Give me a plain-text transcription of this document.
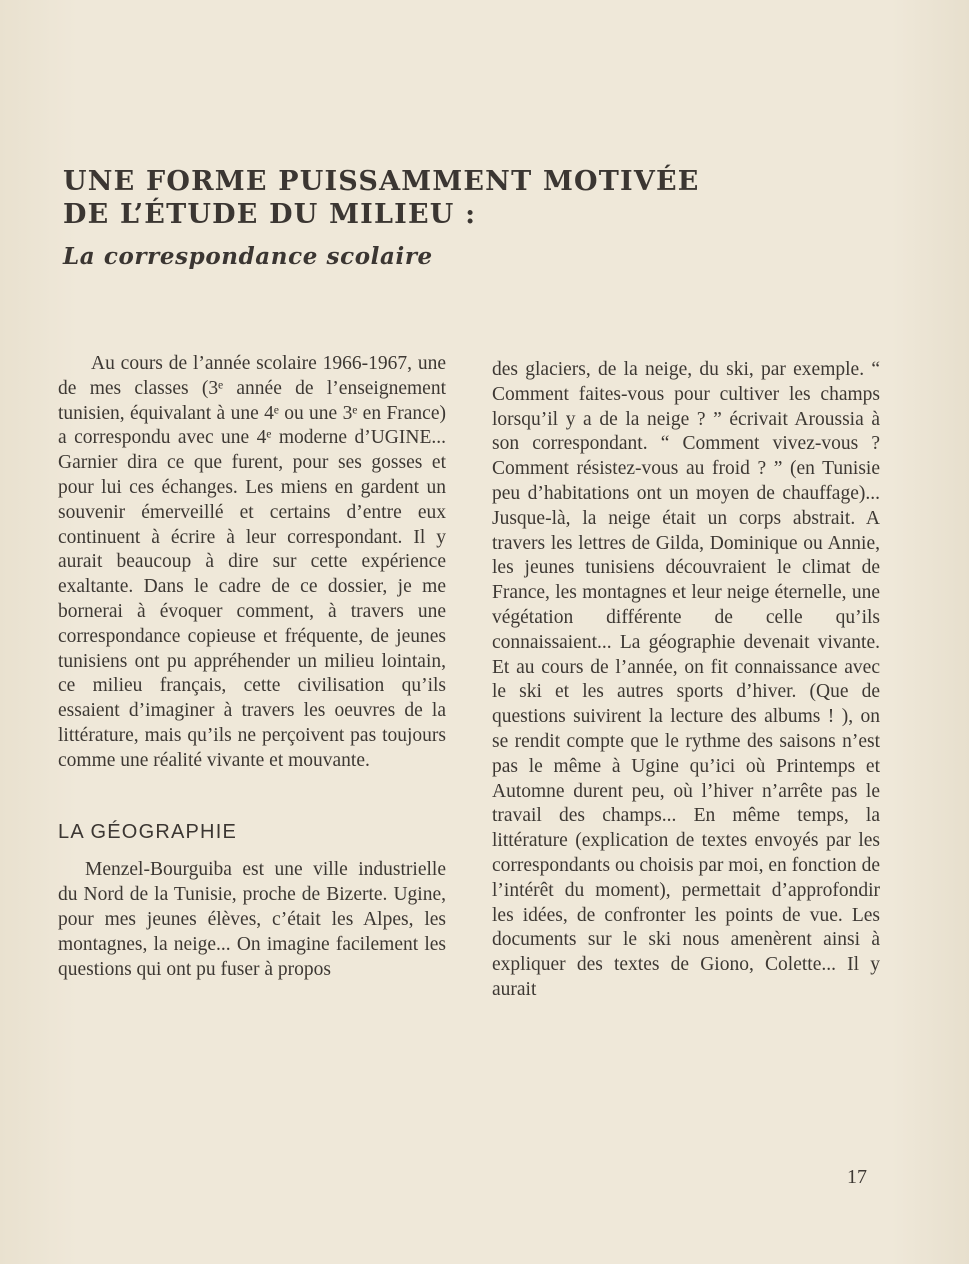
UNE FORME PUISSAMMENT MOTIVÉE
DE L’ÉTUDE DU MILIEU :
La correspondance scolaire

Au cours de l’année scolaire 1966-1967, une de mes classes (3ᵉ année de l’enseignement tunisien, équivalant à une 4ᵉ ou une 3ᵉ en France) a correspondu avec une 4ᵉ moderne d’UGINE... Garnier dira ce que furent, pour ses gosses et pour lui ces échanges. Les miens en gardent un souvenir émerveillé et certains d’entre eux continuent à écrire à leur correspondant. Il y aurait beaucoup à dire sur cette expérience exaltante. Dans le cadre de ce dossier, je me bornerai à évoquer comment, à travers une correspondance copieuse et fréquente, de jeunes tunisiens ont pu appréhender un milieu lointain, ce milieu français, cette civilisation qu’ils essaient d’imaginer à travers les oeuvres de la littérature, mais qu’ils ne perçoivent pas toujours comme une réalité vivante et mouvante.

LA GÉOGRAPHIE

Menzel-Bourguiba est une ville industrielle du Nord de la Tunisie, proche de Bizerte. Ugine, pour mes jeunes élèves, c’était les Alpes, les montagnes, la neige... On imagine facilement les questions qui ont pu fuser à propos

des glaciers, de la neige, du ski, par exemple. “ Comment faites-vous pour cultiver les champs lorsqu’il y a de la neige ? ” écrivait Aroussia à son correspondant. “ Comment vivez-vous ? Comment résistez-vous au froid ? ” (en Tunisie peu d’habitations ont un moyen de chauffage)... Jusque-là, la neige était un corps abstrait. A travers les lettres de Gilda, Dominique ou Annie, les jeunes tunisiens découvraient le climat de France, les montagnes et leur neige éternelle, une végétation différente de celle qu’ils connaissaient... La géographie devenait vivante. Et au cours de l’année, on fit connaissance avec le ski et les autres sports d’hiver. (Que de questions suivirent la lecture des albums ! ), on se rendit compte que le rythme des saisons n’est pas le même à Ugine qu’ici où Printemps et Automne durent peu, où l’hiver n’arrête pas le travail des champs... En même temps, la littérature (explication de textes envoyés par les correspondants ou choisis par moi, en fonction de l’intérêt du moment), permettait d’approfondir les idées, de confronter les points de vue. Les documents sur le ski nous amenèrent ainsi à expliquer des textes de Giono, Colette... Il y aurait

17
